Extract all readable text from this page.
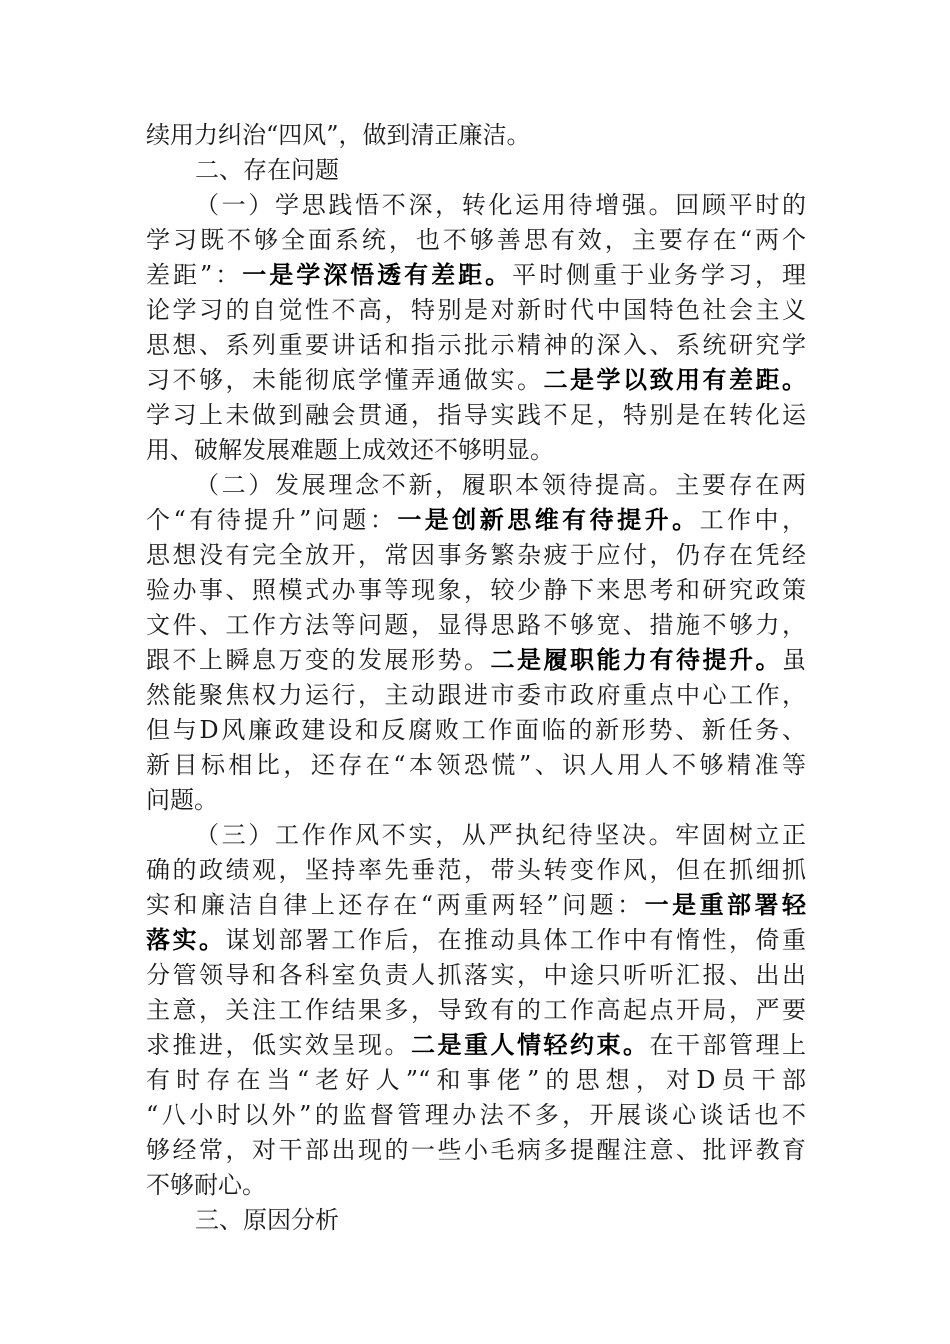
续用力纠治“四风”，做到清正廉洁。
二、存在问题
（一）学思践悟不深，转化运用待增强。回顾平时的
学习既不够全面系统，也不够善思有效，主要存在“两个
差距”：一是学深悟透有差距。平时侧重于业务学习，理
论学习的自觉性不高，特别是对新时代中国特色社会主义
思想、系列重要讲话和指示批示精神的深入、系统研究学
习不够，未能彻底学懂弄通做实。二是学以致用有差距。
学习上未做到融会贯通，指导实践不足，特别是在转化运
用、破解发展难题上成效还不够明显。
（二）发展理念不新，履职本领待提高。主要存在两
个“有待提升”问题：一是创新思维有待提升。工作中，
思想没有完全放开，常因事务繁杂疲于应付，仍存在凭经
验办事、照模式办事等现象，较少静下来思考和研究政策
文件、工作方法等问题，显得思路不够宽、措施不够力，
跟不上瞬息万变的发展形势。二是履职能力有待提升。虽
然能聚焦权力运行，主动跟进市委市政府重点中心工作，
但与D风廉政建设和反腐败工作面临的新形势、新任务、
新目标相比，还存在“本领恐慌”、识人用人不够精准等
问题。
（三）工作作风不实，从严执纪待坚决。牢固树立正
确的政绩观，坚持率先垂范，带头转变作风，但在抓细抓
实和廉洁自律上还存在“两重两轻”问题：一是重部署轻
落实。谋划部署工作后，在推动具体工作中有惰性，倚重
分管领导和各科室负责人抓落实，中途只听听汇报、出出
主意，关注工作结果多，导致有的工作高起点开局，严要
求推进，低实效呈现。二是重人情轻约束。在干部管理上
有时存在当“老好人”“和事佬”的思想，对D员干部
“八小时以外”的监督管理办法不多，开展谈心谈话也不
够经常，对干部出现的一些小毛病多提醒注意、批评教育
不够耐心。
三、原因分析
